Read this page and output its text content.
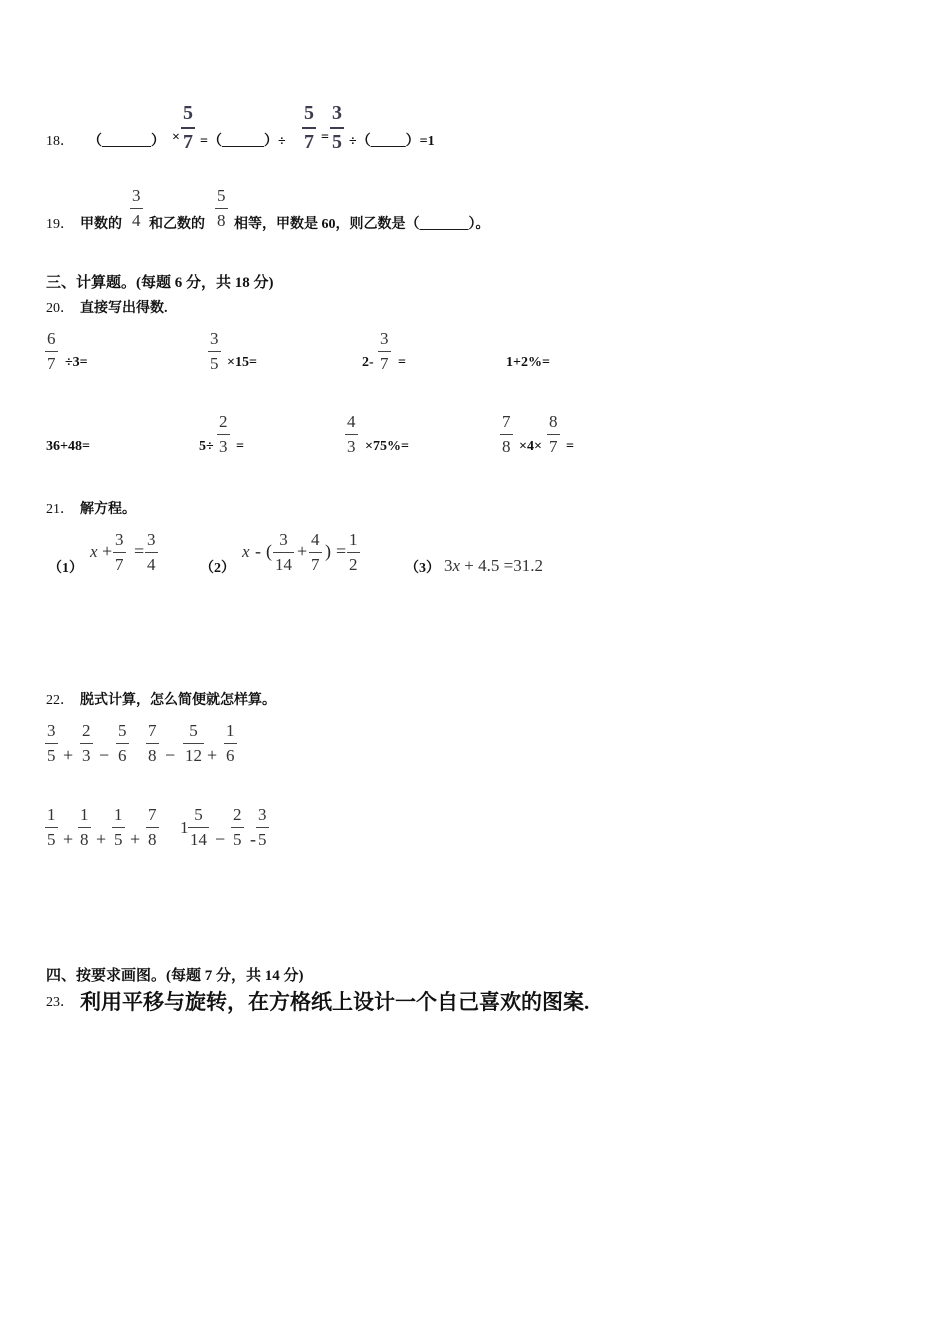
18． （_______） ×
5
7 =（______）÷
5
7 =
3
5 ÷（_____）=1
19． 甲数的
3
4 和乙数的
5
8 相等，甲数是 60，则乙数是（_______）。
三、计算题。(每题 6 分，共 18 分)
20． 直接写出得数.
6
7 ÷3=
3
5 ×15=	2-
3
7 =	1+2%=
36+48=	5÷
2
3 =
4
3 ×75%=
7
8 ×4×
8
7 =
21． 解方程。
（1）
x +
3
7
=
3
4	（2）
x - (
3
14
+
4
7
) =
1
2	（3） 3x + 4.5 =31.2
22． 脱式计算，怎么简便就怎样算。
3
5 +
2
3 −
5
6
7
8 −
5
12 +
1
6
1
5 +
1
8 +
1
5 +
7
8
1
5
14 −
2
5 -
3
5
四、按要求画图。(每题 7 分，共 14 分)
23． 利用平移与旋转，在方格纸上设计一个自己喜欢的图案.
